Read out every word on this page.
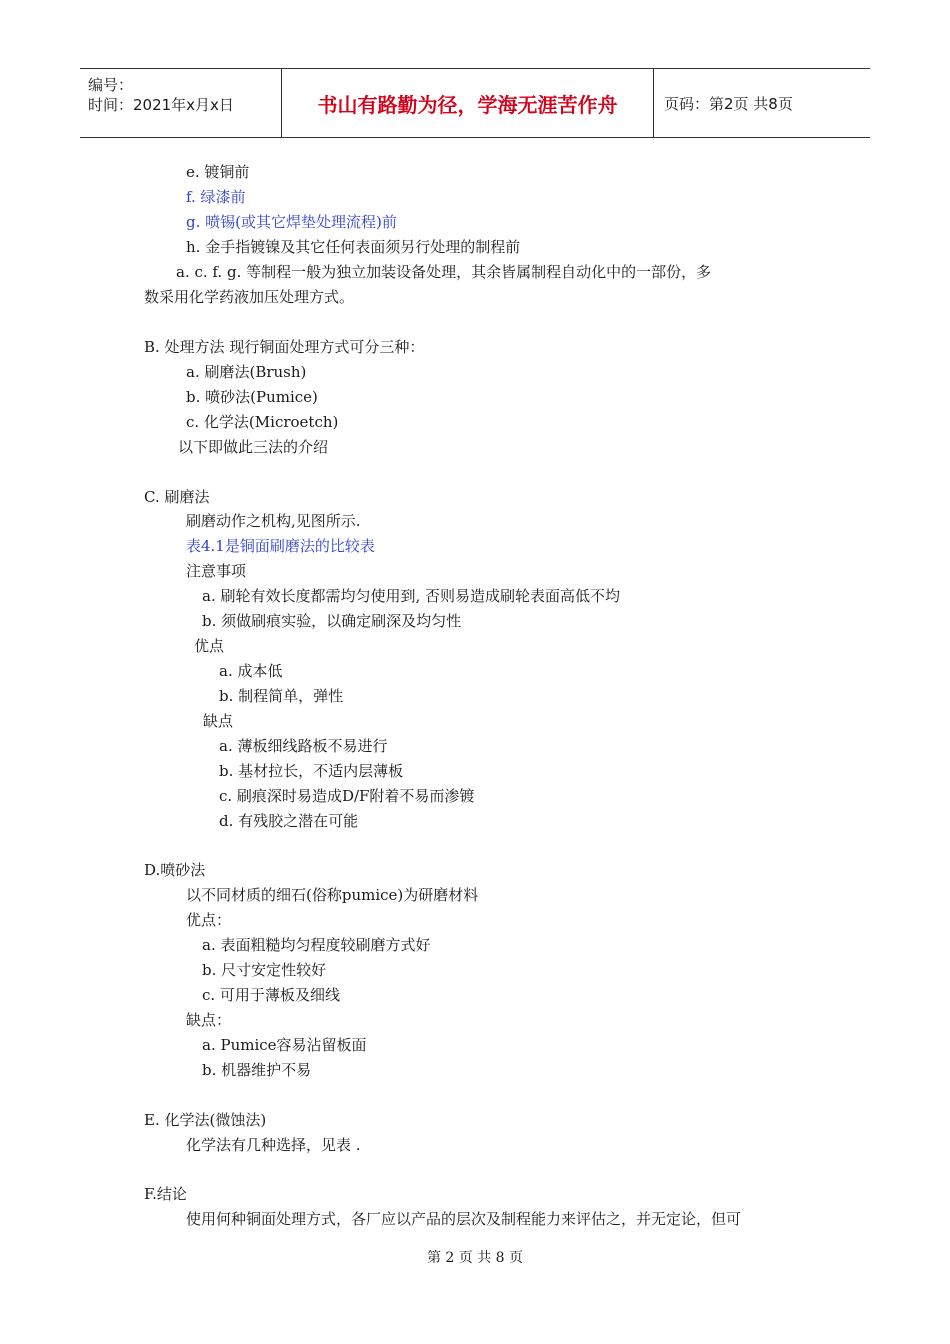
编号：
时间：2021年x月x日	书山有路勤为径，学海无涯苦作舟	页码：第2页 共8页
e. 镀铜前
f. 绿漆前
g. 喷锡(或其它焊垫处理流程)前
h. 金手指镀镍及其它任何表面须另行处理的制程前
a. c. f. g. 等制程一般为独立加装设备处理，其余皆属制程自动化中的一部份，多
数采用化学药液加压处理方式。
B. 处理方法 现行铜面处理方式可分三种：
a. 刷磨法(Brush)
b. 喷砂法(Pumice)
c. 化学法(Microetch)
以下即做此三法的介绍
C. 刷磨法
刷磨动作之机构,见图所示.
表4.1是铜面刷磨法的比较表
注意事项
a. 刷轮有效长度都需均匀使用到, 否则易造成刷轮表面高低不均
b. 须做刷痕实验，以确定刷深及均匀性
优点
a. 成本低
b. 制程简单，弹性
缺点
a. 薄板细线路板不易进行
b. 基材拉长，不适内层薄板
c. 刷痕深时易造成D/F附着不易而渗镀
d. 有残胶之潜在可能
D.喷砂法
以不同材质的细石(俗称pumice)为研磨材料
优点：
a. 表面粗糙均匀程度较刷磨方式好
b. 尺寸安定性较好
c. 可用于薄板及细线
缺点：
a. Pumice容易沾留板面
b. 机器维护不易
E. 化学法(微蚀法)
化学法有几种选择，见表 .
F.结论
使用何种铜面处理方式，各厂应以产品的层次及制程能力来评估之，并无定论，但可
第 2 页 共 8 页
